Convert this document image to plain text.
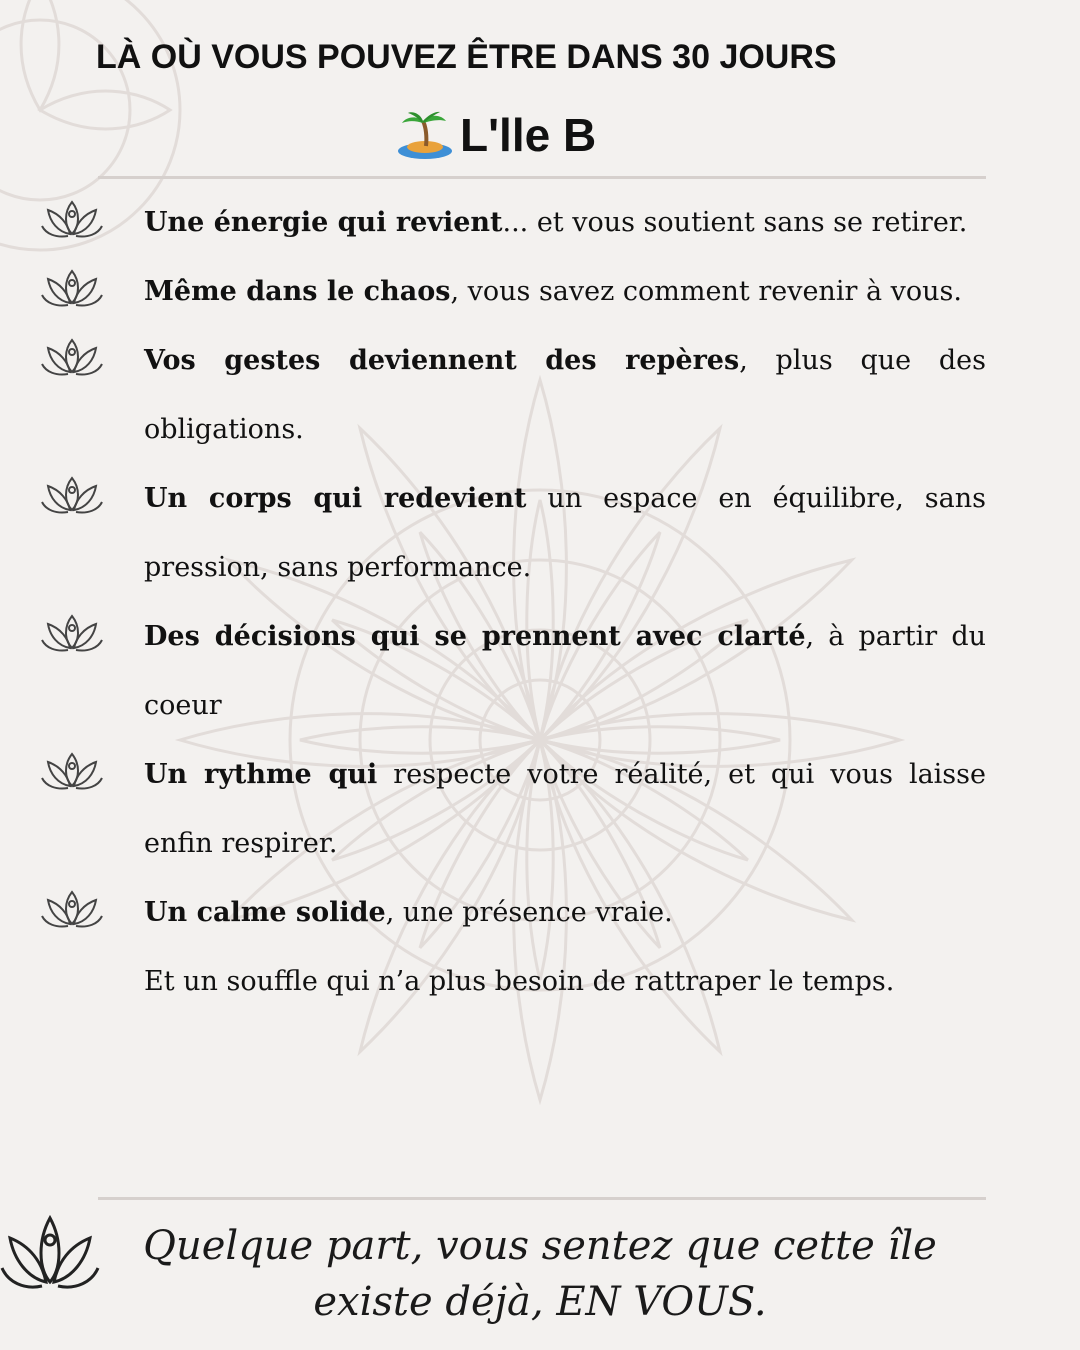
LÀ OÙ VOUS POUVEZ ÊTRE DANS 30 JOURS
L'lle B

Une énergie qui revient... et vous soutient sans se retirer.

Même dans le chaos, vous savez comment revenir à vous.

Vos gestes deviennent des repères, plus que des obligations.

Un corps qui redevient un espace en équilibre, sans pression, sans performance.

Des décisions qui se prennent avec clarté, à partir du coeur

Un rythme qui respecte votre réalité, et qui vous laisse enfin respirer.

Un calme solide, une présence vraie.

Et un souffle qui n’a plus besoin de rattraper le temps.

Quelque part, vous sentez que cette île existe déjà, EN VOUS.
